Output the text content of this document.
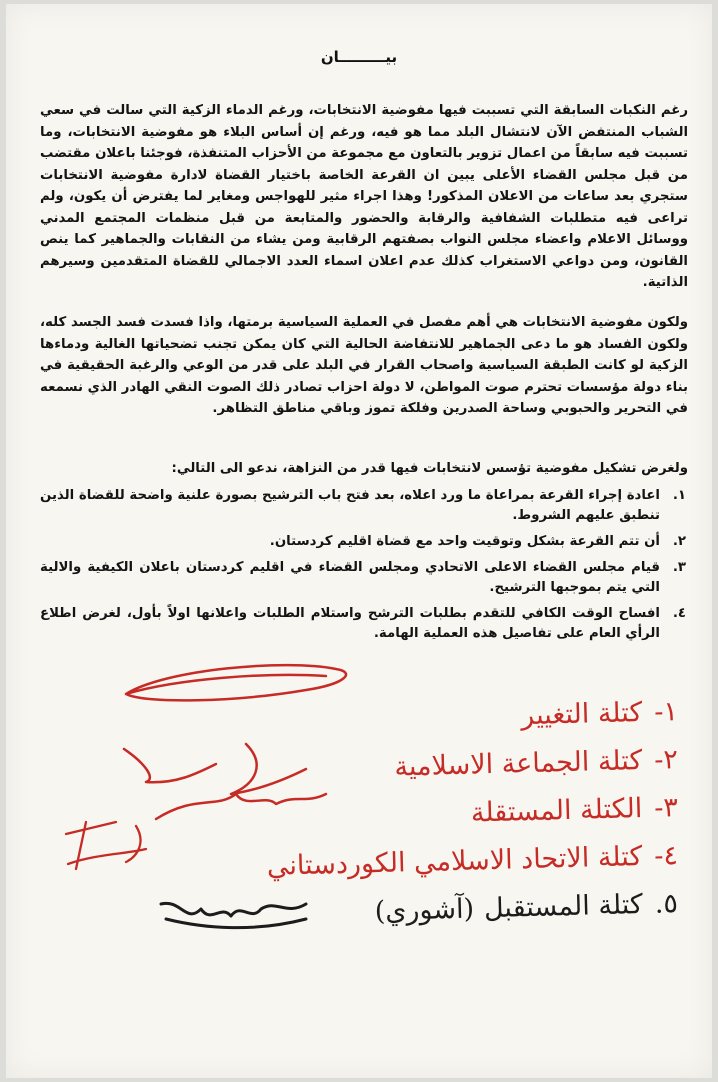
بيـــــــــان

رغم النكبات السابقة التي تسببت فيها مفوضية الانتخابات، ورغم الدماء الزكية التي سالت في سعي الشباب المنتفض الآن لانتشال البلد مما هو فيه، ورغم إن أساس البلاء هو مفوضية الانتخابات، وما تسببت فيه سابقاً من اعمال تزوير بالتعاون مع مجموعة من الأحزاب المتنفذة، فوجئنا باعلان مقتضب من قبل مجلس القضاء الأعلى يبين ان القرعة الخاصة باختيار القضاة لادارة مفوضية الانتخابات ستجري بعد ساعات من الاعلان المذكور! وهذا اجراء مثير للهواجس ومغاير لما يفترض أن يكون، ولم تراعى فيه متطلبات الشفافية والرقابة والحضور والمتابعة من قبل منظمات المجتمع المدني ووسائل الاعلام واعضاء مجلس النواب بصفتهم الرقابية ومن يشاء من النقابات والجماهير كما ينص القانون، ومن دواعي الاستغراب كذلك عدم اعلان اسماء العدد الاجمالي للقضاة المتقدمين وسيرهم الذاتية.

ولكون مفوضية الانتخابات هي أهم مفصل في العملية السياسية برمتها، واذا فسدت فسد الجسد كله، ولكون الفساد هو ما دعى الجماهير للانتفاضة الحالية التي كان يمكن تجنب تضحياتها الغالية ودماءها الزكية لو كانت الطبقة السياسية واصحاب القرار في البلد على قدر من الوعي والرغبة الحقيقية في بناء دولة مؤسسات تحترم صوت المواطن، لا دولة احزاب تصادر ذلك الصوت النقي الهادر الذي نسمعه في التحرير والحبوبي وساحة الصدرين وفلكة تموز وباقي مناطق التظاهر.

ولغرض تشكيل مفوضية تؤسس لانتخابات فيها قدر من النزاهة، ندعو الى التالي:

١.
اعادة إجراء القرعة بمراعاة ما ورد اعلاه، بعد فتح باب الترشيح بصورة علنية واضحة للقضاة الذين تنطبق عليهم الشروط.
٢.
أن تتم القرعة بشكل وتوقيت واحد مع قضاة اقليم كردستان.
٣.
قيام مجلس القضاء الاعلى الاتحادي ومجلس القضاء في اقليم كردستان باعلان الكيفية والالية التي يتم بموجبها الترشيح.
٤.
افساح الوقت الكافي للتقدم بطلبات الترشح واستلام الطلبات واعلانها اولاً بأول، لغرض اطلاع الرأي العام على تفاصيل هذه العملية الهامة.
١-كتلة التغيير
٢-كتلة الجماعة الاسلامية
٣-الكتلة المستقلة
٤-كتلة الاتحاد الاسلامي الكوردستاني
٥.كتلة المستقبل(آشوري)
